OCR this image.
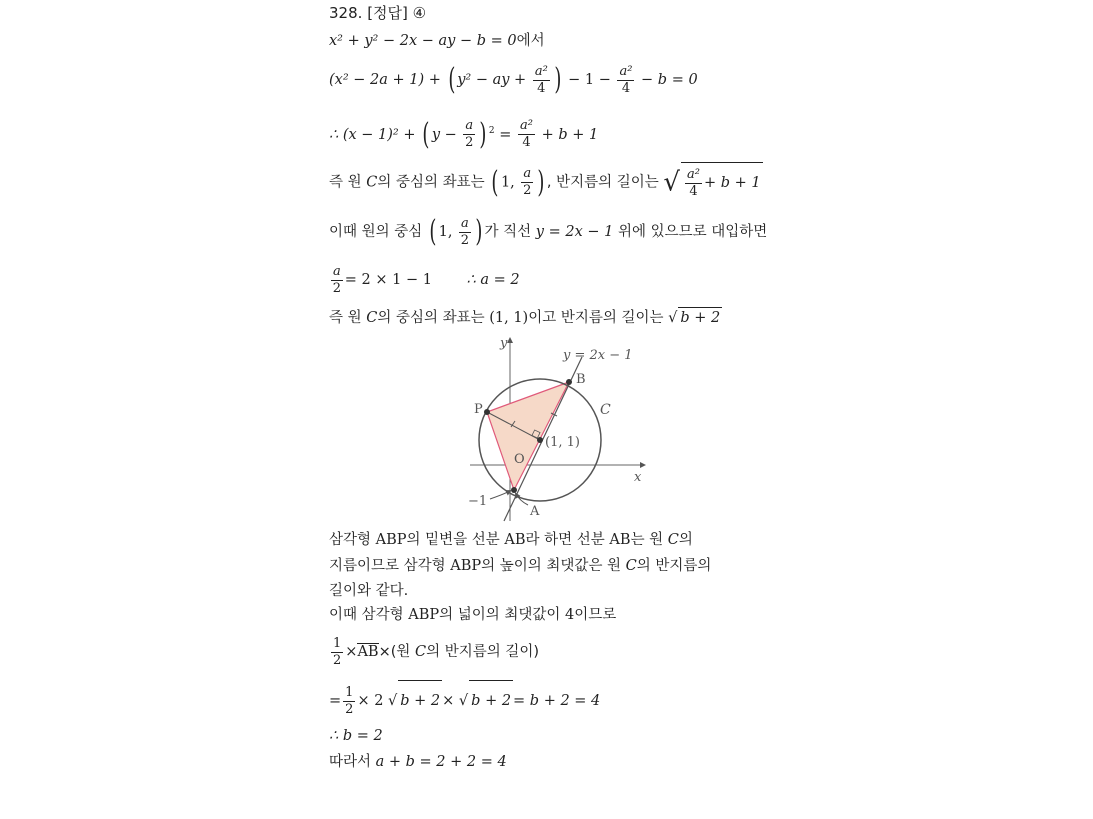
328. [정답] ④
x² + y² − 2x − ay − b = 0에서
(x² − 2a + 1) + ( y² − ay + $\frac{\text{a²}}{4}$ ) − $1 - \frac{\text{a²}}{4} - b = 0$
∴ (x − 1)² + ( $y - \frac{a}{2}$ ) $^2 = \frac{\text{a²}}{4} + b + 1$
즉 원 C의 중심의 좌표는 ( 1, $\frac{a}{2}$ ) , 반지름의 길이는 √ $\frac{\text{a²}}{4} + b + 1$
이때 원의 중심 ( 1, $\frac{a}{2}$ ) 가 직선 y = 2x − 1 위에 있으므로 대입하면
$\frac{a}{2} = 2 \times 1 - 1$ ∴ a = 2
즉 원 C의 중심의 좌표는 (1, 1)이고 반지름의 길이는 √ b + 2
y
x
y = 2x − 1
B
P
A
O
C
(1, 1)
−1
삼각형 ABP의 밑변을 선분 AB라 하면 선분 AB는 원 C의
지름이므로 삼각형 ABP의 높이의 최댓값은 원 C의 반지름의
길이와 같다.
이때 삼각형 ABP의 넓이의 최댓값이 4이므로
$\frac{1}{2} \times AB\times$(원 C의 반지름의 길이)
= $\frac{1}{2} \times 2$ √ b + 2 × √ b + 2 = b + 2 = 4
∴ b = 2
따라서 a + b = 2 + 2 = 4
